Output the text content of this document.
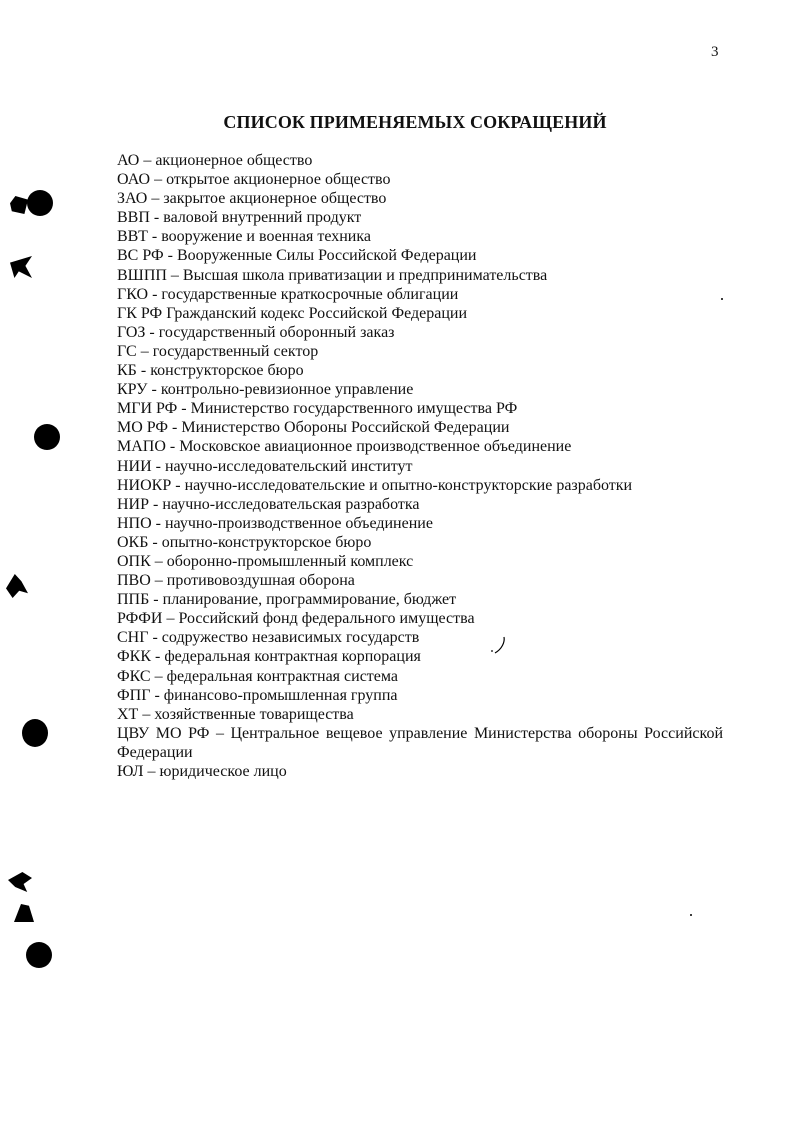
3
СПИСОК ПРИМЕНЯЕМЫХ СОКРАЩЕНИЙ
АО – акционерное общество
ОАО – открытое акционерное общество
ЗАО – закрытое акционерное общество
ВВП - валовой внутренний продукт
ВВТ - вооружение и военная техника
ВС РФ - Вооруженные Силы Российской Федерации
ВШПП – Высшая школа приватизации и предпринимательства
ГКО - государственные краткосрочные облигации
ГК РФ Гражданский кодекс Российской Федерации
ГОЗ - государственный оборонный заказ
ГС – государственный сектор
КБ - конструкторское бюро
КРУ - контрольно-ревизионное управление
МГИ РФ - Министерство государственного имущества РФ
МО РФ - Министерство Обороны Российской Федерации
МАПО - Московское авиационное производственное объединение
НИИ - научно-исследовательский институт
НИОКР - научно-исследовательские и опытно-конструкторские разработки
НИР - научно-исследовательская разработка
НПО - научно-производственное объединение
ОКБ - опытно-конструкторское бюро
ОПК – оборонно-промышленный комплекс
ПВО – противовоздушная оборона
ППБ - планирование, программирование, бюджет
РФФИ – Российский фонд федерального имущества
СНГ - содружество независимых государств
ФКК - федеральная контрактная корпорация
ФКС – федеральная контрактная система
ФПГ - финансово-промышленная группа
ХТ – хозяйственные товарищества
ЦВУ МО РФ – Центральное вещевое управление Министерства обороны Российской Федерации
ЮЛ – юридическое лицо
